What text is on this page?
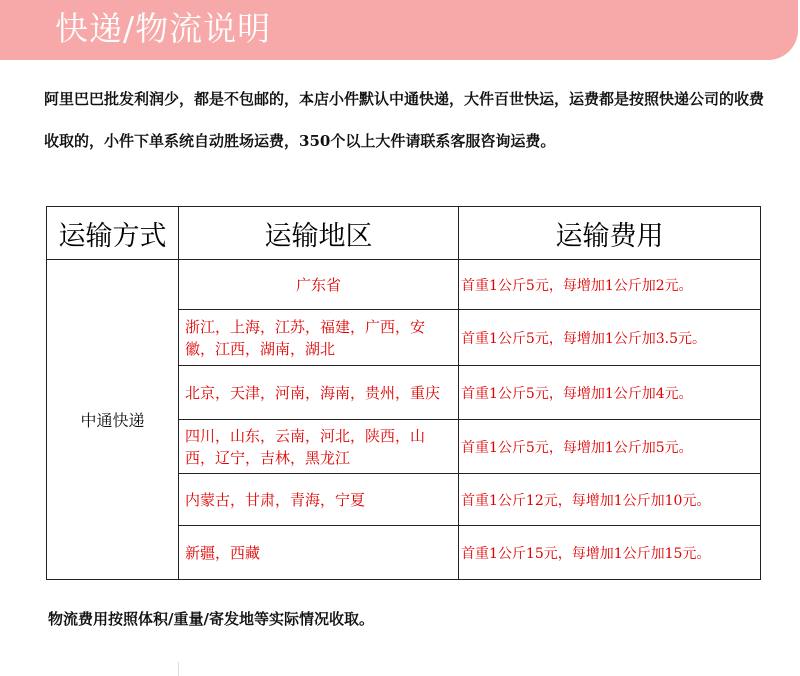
快递/物流说明
阿里巴巴批发利润少，都是不包邮的，本店小件默认中通快递，大件百世快运，运费都是按照快递公司的收费收取的，小件下单系统自动胜场运费，350个以上大件请联系客服咨询运费。
运输方式	运输地区	运输费用
中通快递	广东省	首重1公斤5元，每增加1公斤加2元。
	浙江，上海，江苏，福建，广西，安徽，江西，湖南，湖北	首重1公斤5元，每增加1公斤加3.5元。
	北京，天津，河南，海南，贵州，重庆	首重1公斤5元，每增加1公斤加4元。
	四川，山东，云南，河北，陕西，山西，辽宁，吉林，黑龙江	首重1公斤5元，每增加1公斤加5元。
	内蒙古，甘肃，青海，宁夏	首重1公斤12元，每增加1公斤加10元。
	新疆，西藏	首重1公斤15元，每增加1公斤加15元。
物流费用按照体积/重量/寄发地等实际情况收取。
